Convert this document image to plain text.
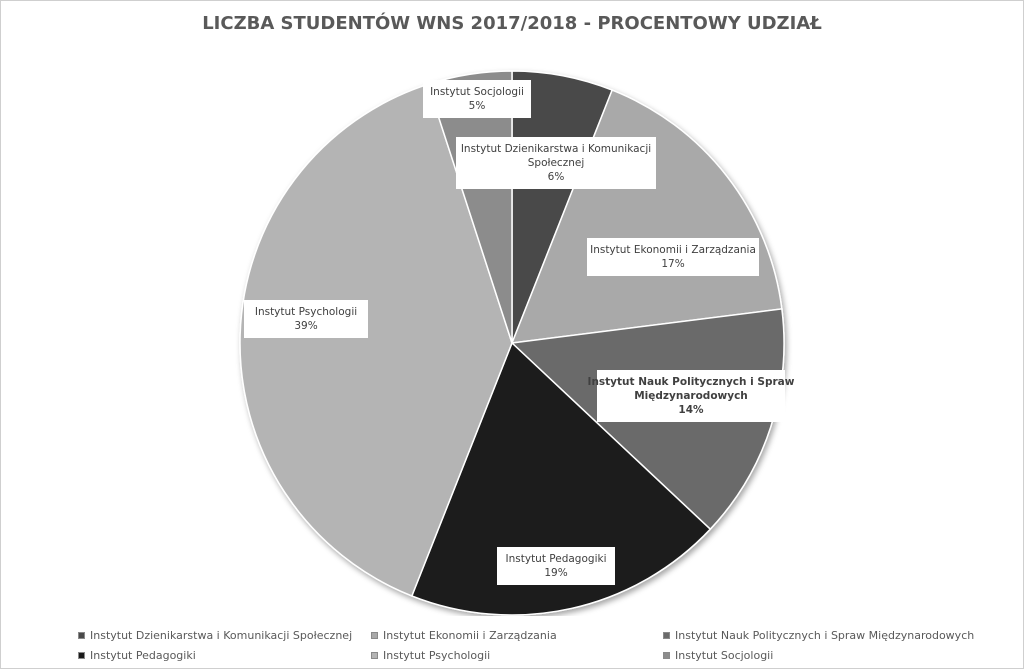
LICZBA STUDENTÓW WNS 2017/2018 - PROCENTOWY UDZIAŁ
Instytut Dzienikarstwa i Komunikacji
Społecznej
6%
Instytut Ekonomii i Zarządzania
17%
Instytut Nauk Politycznych i Spraw
Międzynarodowych
14%
Instytut Pedagogiki
19%
Instytut Psychologii
39%
Instytut Socjologii
5%
Instytut Dzienikarstwa i Komunikacji Społecznej	Instytut Ekonomii i Zarządzania	Instytut Nauk Politycznych i Spraw Międzynarodowych
Instytut Pedagogiki	Instytut Psychologii	Instytut Socjologii
